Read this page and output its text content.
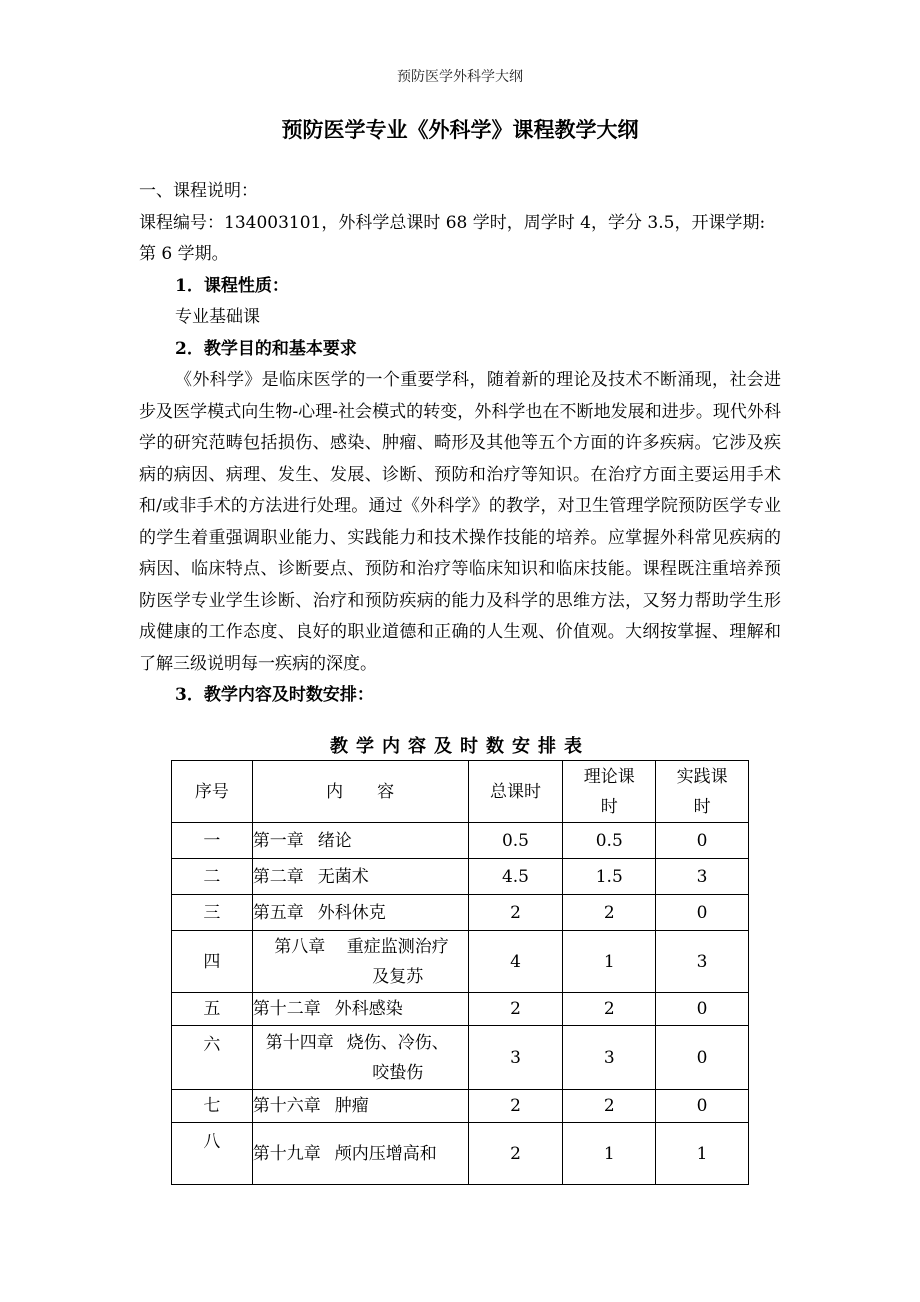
预防医学外科学大纲
预防医学专业《外科学》课程教学大纲

一、课程说明：

课程编号：134003101，外科学总课时 68 学时，周学时 4，学分 3.5，开课学期:第 6 学期。

1．课程性质：

专业基础课

2．教学目的和基本要求

《外科学》是临床医学的一个重要学科，随着新的理论及技术不断涌现，社会进步及医学模式向生物-心理-社会模式的转变，外科学也在不断地发展和进步。现代外科学的研究范畴包括损伤、感染、肿瘤、畸形及其他等五个方面的许多疾病。它涉及疾病的病因、病理、发生、发展、诊断、预防和治疗等知识。在治疗方面主要运用手术和/或非手术的方法进行处理。通过《外科学》的教学，对卫生管理学院预防医学专业的学生着重强调职业能力、实践能力和技术操作技能的培养。应掌握外科常见疾病的病因、临床特点、诊断要点、预防和治疗等临床知识和临床技能。课程既注重培养预防医学专业学生诊断、治疗和预防疾病的能力及科学的思维方法，又努力帮助学生形成健康的工作态度、良好的职业道德和正确的人生观、价值观。大纲按掌握、理解和了解三级说明每一疾病的深度。

3．教学内容及时数安排：

教学内容及时数安排表
序号	内　　容	总课时	理论课时	实践课时
一	第一章 绪论	0.5	0.5	0
二	第二章 无菌术	4.5	1.5	3
三	第五章 外科休克	2	2	0
四	第八章 重症监测治疗及复苏	4	1	3
五	第十二章 外科感染	2	2	0
六	第十四章 烧伤、冷伤、咬蛰伤	3	3	0
七	第十六章 肿瘤	2	2	0
八	第十九章 颅内压增高和	2	1	1
